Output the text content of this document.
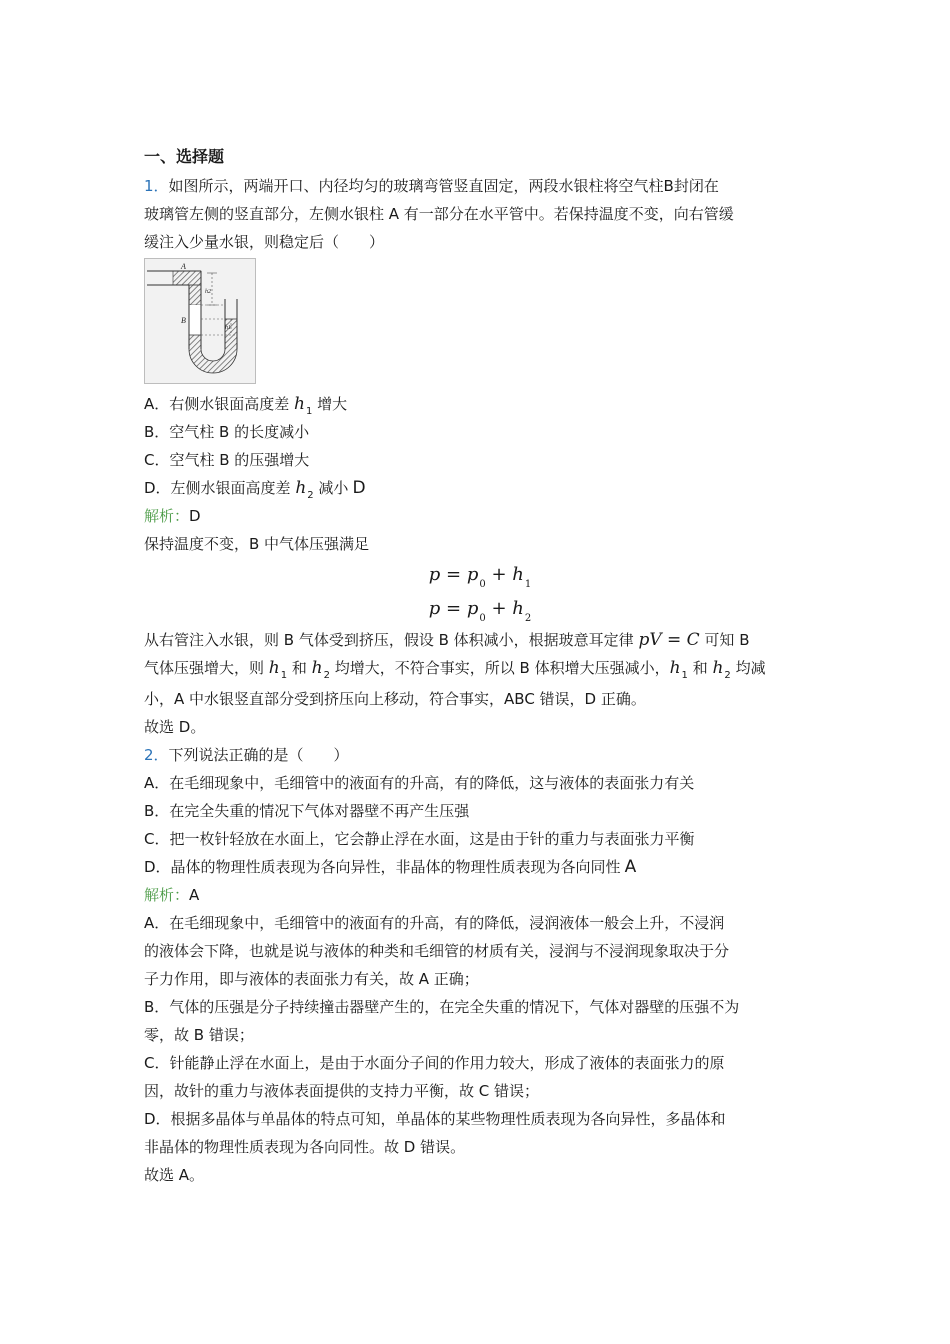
一、选择题
1．如图所示，两端开口、内径均匀的玻璃弯管竖直固定，两段水银柱将空气柱B封闭在
玻璃管左侧的竖直部分，左侧水银柱 A 有一部分在水平管中。若保持温度不变，向右管缓
缓注入少量水银，则稳定后（　　）
A
B
h2
h1
A．右侧水银面高度差 $h_1$ 增大
B．空气柱 B 的长度减小
C．空气柱 B 的压强增大
D．左侧水银面高度差 $h_2$ 减小 D
解析：D
保持温度不变，B 中气体压强满足
$p = p_0 + h_1$
$p = p_0 + h_2$
从右管注入水银，则 B 气体受到挤压，假设 B 体积减小，根据玻意耳定律 pV = C 可知 B
气体压强增大，则 $h_1$ 和 $h_2$ 均增大，不符合事实，所以 B 体积增大压强减小，$h_1$ 和 $h_2$ 均减
小，A 中水银竖直部分受到挤压向上移动，符合事实，ABC 错误，D 正确。
故选 D。
2．下列说法正确的是（　　）
A．在毛细现象中，毛细管中的液面有的升高，有的降低，这与液体的表面张力有关
B．在完全失重的情况下气体对器壁不再产生压强
C．把一枚针轻放在水面上，它会静止浮在水面，这是由于针的重力与表面张力平衡
D．晶体的物理性质表现为各向异性，非晶体的物理性质表现为各向同性 A
解析：A
A．在毛细现象中，毛细管中的液面有的升高，有的降低，浸润液体一般会上升，不浸润
的液体会下降，也就是说与液体的种类和毛细管的材质有关，浸润与不浸润现象取决于分
子力作用，即与液体的表面张力有关，故 A 正确；
B．气体的压强是分子持续撞击器壁产生的，在完全失重的情况下，气体对器壁的压强不为
零，故 B 错误；
C．针能静止浮在水面上，是由于水面分子间的作用力较大，形成了液体的表面张力的原
因，故针的重力与液体表面提供的支持力平衡，故 C 错误；
D．根据多晶体与单晶体的特点可知，单晶体的某些物理性质表现为各向异性，多晶体和
非晶体的物理性质表现为各向同性。故 D 错误。
故选 A。
